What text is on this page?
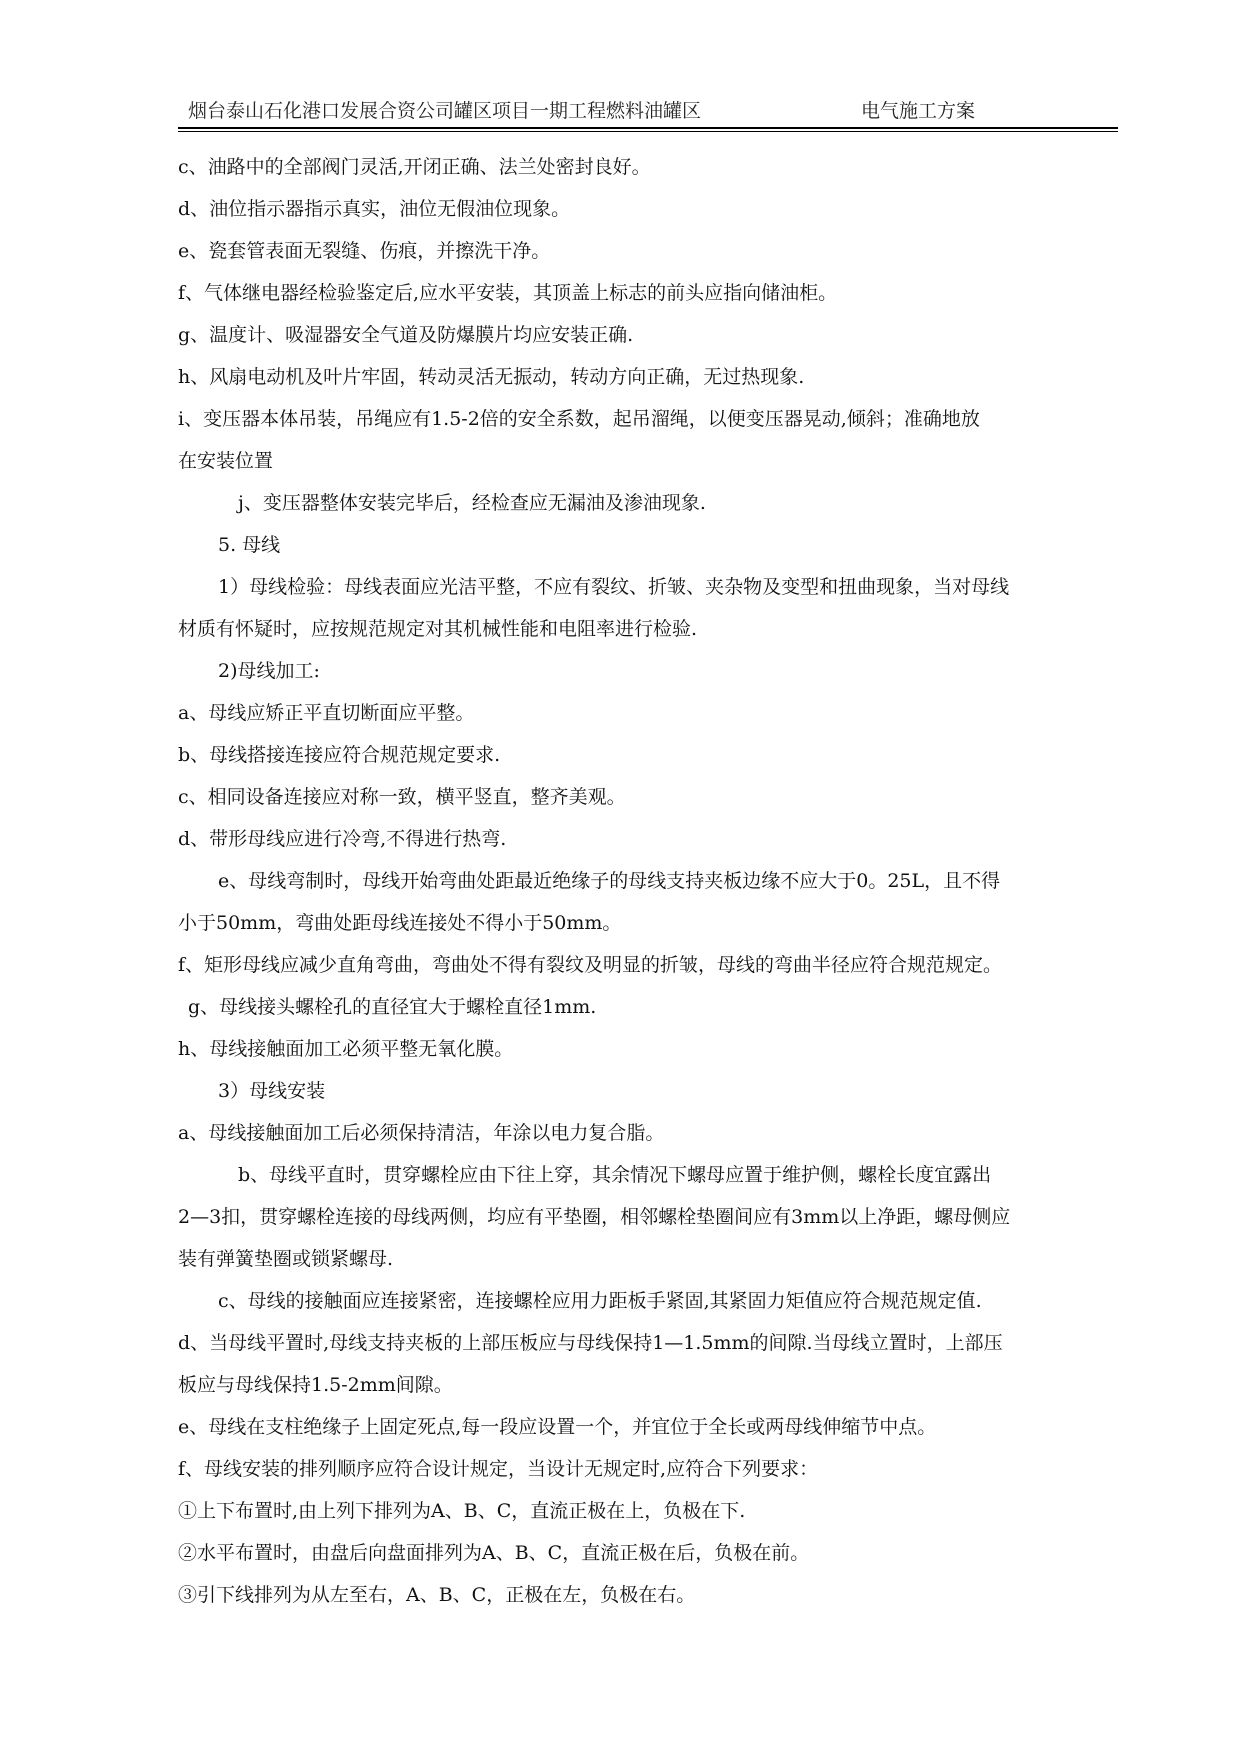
烟台泰山石化港口发展合资公司罐区项目一期工程燃料油罐区	电气施工方案
c、油路中的全部阀门灵活,开闭正确、法兰处密封良好。
d、油位指示器指示真实，油位无假油位现象。
e、瓷套管表面无裂缝、伤痕，并擦洗干净。
f、气体继电器经检验鉴定后,应水平安装，其顶盖上标志的前头应指向储油柜。
g、温度计、吸湿器安全气道及防爆膜片均应安装正确.
h、风扇电动机及叶片牢固，转动灵活无振动，转动方向正确，无过热现象.
i、变压器本体吊装，吊绳应有1.5-2倍的安全系数，起吊溜绳，以便变压器晃动,倾斜；准确地放
在安装位置
j、变压器整体安装完毕后，经检查应无漏油及渗油现象.
5. 母线
1）母线检验：母线表面应光洁平整，不应有裂纹、折皱、夹杂物及变型和扭曲现象，当对母线
材质有怀疑时，应按规范规定对其机械性能和电阻率进行检验.
2)母线加工:
a、母线应矫正平直切断面应平整。
b、母线搭接连接应符合规范规定要求.
c、相同设备连接应对称一致，横平竖直，整齐美观。
d、带形母线应进行冷弯,不得进行热弯.
e、母线弯制时，母线开始弯曲处距最近绝缘子的母线支持夹板边缘不应大于0。25L，且不得
小于50mm，弯曲处距母线连接处不得小于50mm。
f、矩形母线应减少直角弯曲，弯曲处不得有裂纹及明显的折皱，母线的弯曲半径应符合规范规定。
g、母线接头螺栓孔的直径宜大于螺栓直径1mm.
h、母线接触面加工必须平整无氧化膜。
3）母线安装
a、母线接触面加工后必须保持清洁，年涂以电力复合脂。
b、母线平直时，贯穿螺栓应由下往上穿，其余情况下螺母应置于维护侧，螺栓长度宜露出
2—3扣，贯穿螺栓连接的母线两侧，均应有平垫圈，相邻螺栓垫圈间应有3mm以上净距，螺母侧应
装有弹簧垫圈或锁紧螺母.
c、母线的接触面应连接紧密，连接螺栓应用力距板手紧固,其紧固力矩值应符合规范规定值.
d、当母线平置时,母线支持夹板的上部压板应与母线保持1—1.5mm的间隙.当母线立置时，上部压
板应与母线保持1.5-2mm间隙。
e、母线在支柱绝缘子上固定死点,每一段应设置一个，并宜位于全长或两母线伸缩节中点。
f、母线安装的排列顺序应符合设计规定，当设计无规定时,应符合下列要求：
①上下布置时,由上列下排列为A、B、C，直流正极在上，负极在下.
②水平布置时，由盘后向盘面排列为A、B、C，直流正极在后，负极在前。
③引下线排列为从左至右，A、B、C，正极在左，负极在右。
